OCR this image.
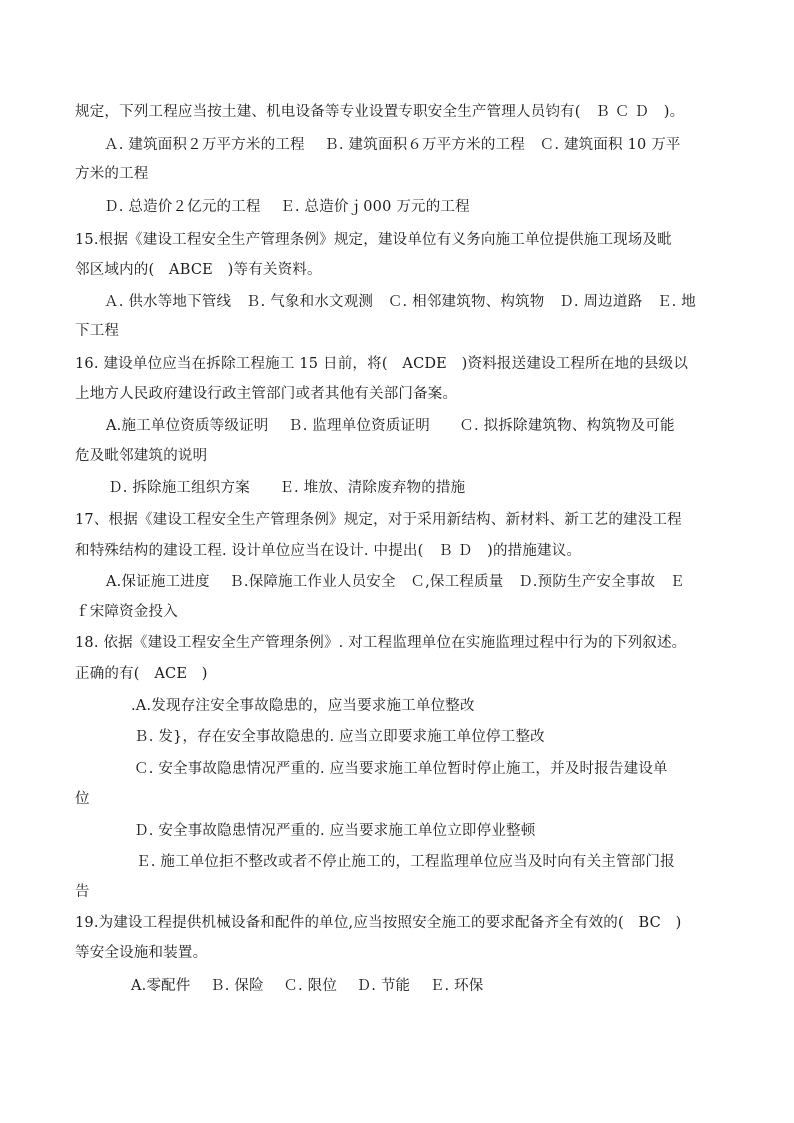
规定，下列工程应当按土建、机电设备等专业设置专职安全生产管理人员钧有(　Ｂ Ｃ Ｄ　)。
Ａ. 建筑面积２万平方米的工程　 Ｂ. 建筑面积６万平方米的工程　Ｃ. 建筑面积 10 万平
方米的工程
Ｄ. 总造价２亿元的工程　 Ｅ. 总造价ｊ000 万元的工程
15.根据《建设工程安全生产管理条例》规定，建设单位有义务向施工单位提供施工现场及毗
邻区域内的(　ABCE　)等有关资料。
Ａ. 供水等地下管线　Ｂ. 气象和水文观测　Ｃ. 相邻建筑物、构筑物　Ｄ. 周边道路　Ｅ. 地
下工程
16. 建设单位应当在拆除工程施工 15 日前，将(　ACDE　)资料报送建设工程所在地的县级以
上地方人民政府建设行政主管部门或者其他有关部门备案。
A.施工单位资质等级证明　 Ｂ. 监理单位资质证明　　Ｃ. 拟拆除建筑物、构筑物及可能
危及毗邻建筑的说明
Ｄ. 拆除施工组织方案　　Ｅ. 堆放、清除废弃物的措施
17、根据《建设工程安全生产管理条例》规定，对于采用新结构、新材料、新工艺的建没工程
和特殊结构的建设工程. 设计单位应当在设计. 中提出(　Ｂ Ｄ　)的措施建议。
A.保证施工进度　 Ｂ.保障施工作业人员安全　Ｃ,保工程质量　Ｄ.预防生产安全事故　Ｅ
ｆ宋障资金投入
18. 依据《建设工程安全生产管理条例》. 对工程监理单位在实施监理过程中行为的下列叙述。
正确的有(　ACE　)
.A.发现存注安全事故隐患的，应当要求施工单位整改
Ｂ. 发}，存在安全事故隐患的. 应当立即要求施工单位停工整改
Ｃ. 安全事故隐患情况严重的. 应当要求施工单位暂时停止施工，并及时报告建设单
位
Ｄ. 安全事故隐患情况严重的. 应当要求施工单位立即停业整顿
Ｅ. 施工单位拒不整改或者不停止施工的，工程监理单位应当及时向有关主管部门报
告
19.为建设工程提供机械设备和配件的单位,应当按照安全施工的要求配备齐全有效的(　BC　)
等安全设施和装置。
A.零配件　 Ｂ. 保险　 Ｃ. 限位　 Ｄ. 节能　 Ｅ. 环保
